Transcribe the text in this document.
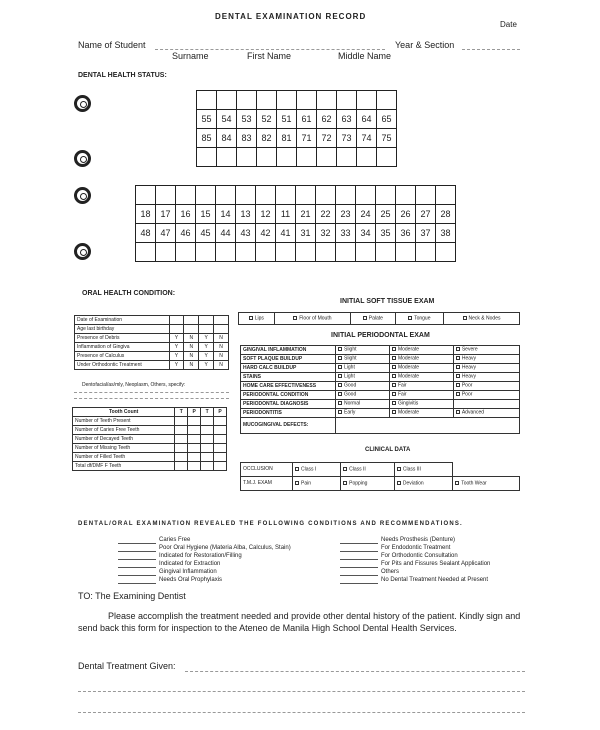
DENTAL EXAMINATION RECORD
Date
Name of Student	Year & Section
Surname	First Name	Middle Name
DENTAL HEALTH STATUS:

55	54	53	52	51	61	62	63	64	65
85	84	83	82	81	71	72	73	74	75

18	17	16	15	14	13	12	11	21	22	23	24	25	26	27	28
48	47	46	45	44	43	42	41	31	32	33	34	35	36	37	38

ORAL HEALTH CONDITION:
Date of Examination				
Age last birthday				
Presence of Debris	Y	N	Y	N
Inflammation of Gingiva	Y	N	Y	N
Presence of Calculus	Y	N	Y	N
Under Orthodontic Treatment	Y	N	Y	N
Dentofacial/as/mly, Neoplasm, Others, specify:
Tooth Count	T	P	T	P
Number of Teeth Present				
Number of Caries Free Teeth				
Number of Decayed Teeth				
Number of Missing Teeth				
Number of Filled Teeth				
Total df/DMF F Teeth				
INITIAL SOFT TISSUE EXAM
Lips	Floor of Mouth	Palate	Tongue	Neck & Nodes
INITIAL PERIODONTAL EXAM
GINGIVAL INFLAMMATION	Slight	Moderate	Severe
SOFT PLAQUE BUILDUP	Slight	Moderate	Heavy
HARD CALC BUILDUP	Light	Moderate	Heavy
STAINS	Light	Moderate	Heavy
HOME CARE EFFECTIVENESS	Good	Fair	Poor
PERIODONTAL CONDITION	Good	Fair	Poor
PERIODONTAL DIAGNOSIS	Normal	Gingivitis	
PERIODONTITIS	Early	Moderate	Advanced
MUCOGINGIVAL DEFECTS:			
CLINICAL DATA
OCCLUSION	Class I	Class II	Class III	
T.M.J. EXAM	Pain	Popping	Deviation	Tooth Wear
DENTAL/ORAL EXAMINATION REVEALED THE FOLLOWING CONDITIONS AND RECOMMENDATIONS.
Caries Free
Poor Oral Hygiene (Materia Alba, Calculus, Stain)
Indicated for Restoration/Filling
Indicated for Extraction
Gingival Inflammation
Needs Oral Prophylaxis
Needs Prosthesis (Denture)
For Endodontic Treatment
For Orthodontic Consultation
For Pits and Fissures Sealant Application
Others
No Dental Treatment Needed at Present
TO: The Examining Dentist
Please accomplish the treatment needed and provide other dental history of the patient. Kindly sign and send back this form for inspection to the Ateneo de Manila High School Dental Health Services.
Dental Treatment Given:
